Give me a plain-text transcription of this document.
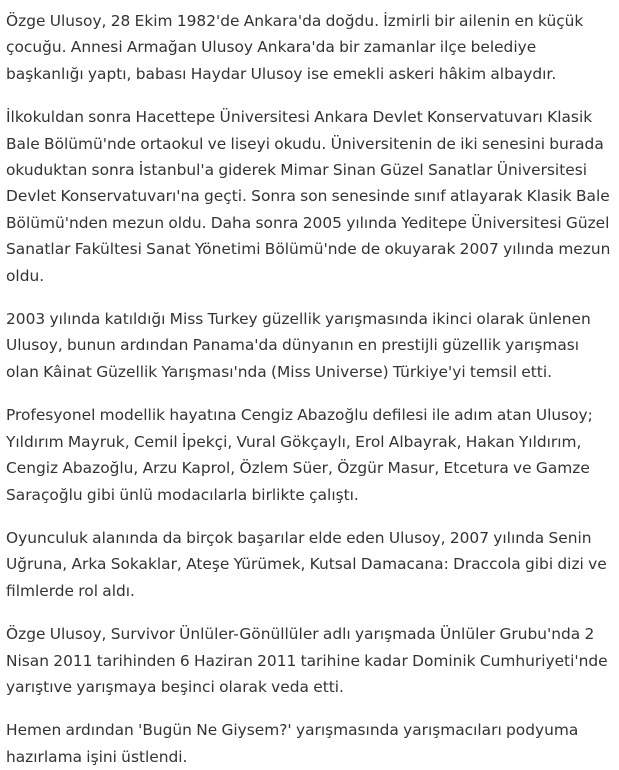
Özge Ulusoy, 28 Ekim 1982'de Ankara'da doğdu. İzmirli bir ailenin en küçük çocuğu. Annesi Armağan Ulusoy Ankara'da bir zamanlar ilçe belediye başkanlığı yaptı, babası Haydar Ulusoy ise emekli askeri hâkim albaydır.

İlkokuldan sonra Hacettepe Üniversitesi Ankara Devlet Konservatuvarı Klasik Bale Bölümü'nde ortaokul ve liseyi okudu. Üniversitenin de iki senesini burada okuduktan sonra İstanbul'a giderek Mimar Sinan Güzel Sanatlar Üniversitesi Devlet Konservatuvarı'na geçti. Sonra son senesinde sınıf atlayarak Klasik Bale Bölümü'nden mezun oldu. Daha sonra 2005 yılında Yeditepe Üniversitesi Güzel Sanatlar Fakültesi Sanat Yönetimi Bölümü'nde de okuyarak 2007 yılında mezun oldu.

2003 yılında katıldığı Miss Turkey güzellik yarışmasında ikinci olarak ünlenen Ulusoy, bunun ardından Panama'da dünyanın en prestijli güzellik yarışması olan Kâinat Güzellik Yarışması'nda (Miss Universe) Türkiye'yi temsil etti.

Profesyonel modellik hayatına Cengiz Abazoğlu defilesi ile adım atan Ulusoy; Yıldırım Mayruk, Cemil İpekçi, Vural Gökçaylı, Erol Albayrak, Hakan Yıldırım, Cengiz Abazoğlu, Arzu Kaprol, Özlem Süer, Özgür Masur, Etcetura ve Gamze Saraçoğlu gibi ünlü modacılarla birlikte çalıştı.

Oyunculuk alanında da birçok başarılar elde eden Ulusoy, 2007 yılında Senin Uğruna, Arka Sokaklar, Ateşe Yürümek, Kutsal Damacana: Draccola gibi dizi ve filmlerde rol aldı.

Özge Ulusoy, Survivor Ünlüler-Gönüllüler adlı yarışmada Ünlüler Grubu'nda 2 Nisan 2011 tarihinden 6 Haziran 2011 tarihine kadar Dominik Cumhuriyeti'nde yarıştıve yarışmaya beşinci olarak veda etti.

Hemen ardından 'Bugün Ne Giysem?' yarışmasında yarışmacıları podyuma hazırlama işini üstlendi.
